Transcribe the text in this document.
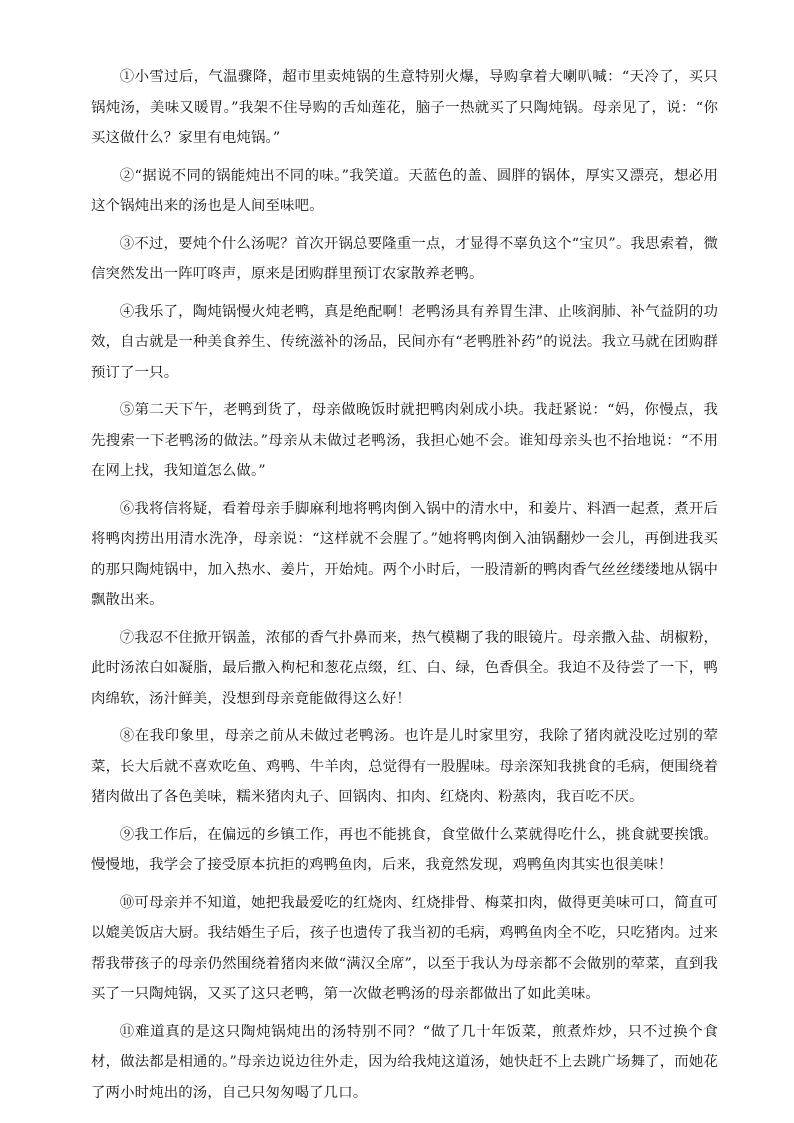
①小雪过后，气温骤降，超市里卖炖锅的生意特别火爆，导购拿着大喇叭喊：“天冷了，买只锅炖汤，美味又暖胃。”我架不住导购的舌灿莲花，脑子一热就买了只陶炖锅。母亲见了，说：“你买这做什么？家里有电炖锅。”

②“据说不同的锅能炖出不同的味。”我笑道。天蓝色的盖、圆胖的锅体，厚实又漂亮，想必用这个锅炖出来的汤也是人间至味吧。

③不过，要炖个什么汤呢？首次开锅总要隆重一点，才显得不辜负这个“宝贝”。我思索着，微信突然发出一阵叮咚声，原来是团购群里预订农家散养老鸭。

④我乐了，陶炖锅慢火炖老鸭，真是绝配啊！老鸭汤具有养胃生津、止咳润肺、补气益阴的功效，自古就是一种美食养生、传统滋补的汤品，民间亦有“老鸭胜补药”的说法。我立马就在团购群预订了一只。

⑤第二天下午，老鸭到货了，母亲做晚饭时就把鸭肉剁成小块。我赶紧说：“妈，你慢点，我先搜索一下老鸭汤的做法。”母亲从未做过老鸭汤，我担心她不会。谁知母亲头也不抬地说：“不用在网上找，我知道怎么做。”

⑥我将信将疑，看着母亲手脚麻利地将鸭肉倒入锅中的清水中，和姜片、料酒一起煮，煮开后将鸭肉捞出用清水洗净，母亲说：“这样就不会腥了。”她将鸭肉倒入油锅翻炒一会儿，再倒进我买的那只陶炖锅中，加入热水、姜片，开始炖。两个小时后，一股清新的鸭肉香气丝丝缕缕地从锅中飘散出来。

⑦我忍不住掀开锅盖，浓郁的香气扑鼻而来，热气模糊了我的眼镜片。母亲撒入盐、胡椒粉，此时汤浓白如凝脂，最后撒入枸杞和葱花点缀，红、白、绿，色香俱全。我迫不及待尝了一下，鸭肉绵软，汤汁鲜美，没想到母亲竟能做得这么好！

⑧在我印象里，母亲之前从未做过老鸭汤。也许是儿时家里穷，我除了猪肉就没吃过别的荤菜，长大后就不喜欢吃鱼、鸡鸭、牛羊肉，总觉得有一股腥味。母亲深知我挑食的毛病，便围绕着猪肉做出了各色美味，糯米猪肉丸子、回锅肉、扣肉、红烧肉、粉蒸肉，我百吃不厌。

⑨我工作后，在偏远的乡镇工作，再也不能挑食，食堂做什么菜就得吃什么，挑食就要挨饿。慢慢地，我学会了接受原本抗拒的鸡鸭鱼肉，后来，我竟然发现，鸡鸭鱼肉其实也很美味！

⑩可母亲并不知道，她把我最爱吃的红烧肉、红烧排骨、梅菜扣肉，做得更美味可口，简直可以媲美饭店大厨。我结婚生子后，孩子也遗传了我当初的毛病，鸡鸭鱼肉全不吃，只吃猪肉。过来帮我带孩子的母亲仍然围绕着猪肉来做“满汉全席”，以至于我认为母亲都不会做别的荤菜，直到我买了一只陶炖锅，又买了这只老鸭，第一次做老鸭汤的母亲都做出了如此美味。

⑪难道真的是这只陶炖锅炖出的汤特别不同？“做了几十年饭菜，煎煮炸炒，只不过换个食材，做法都是相通的。”母亲边说边往外走，因为给我炖这道汤，她快赶不上去跳广场舞了，而她花了两小时炖出的汤，自己只匆匆喝了几口。
